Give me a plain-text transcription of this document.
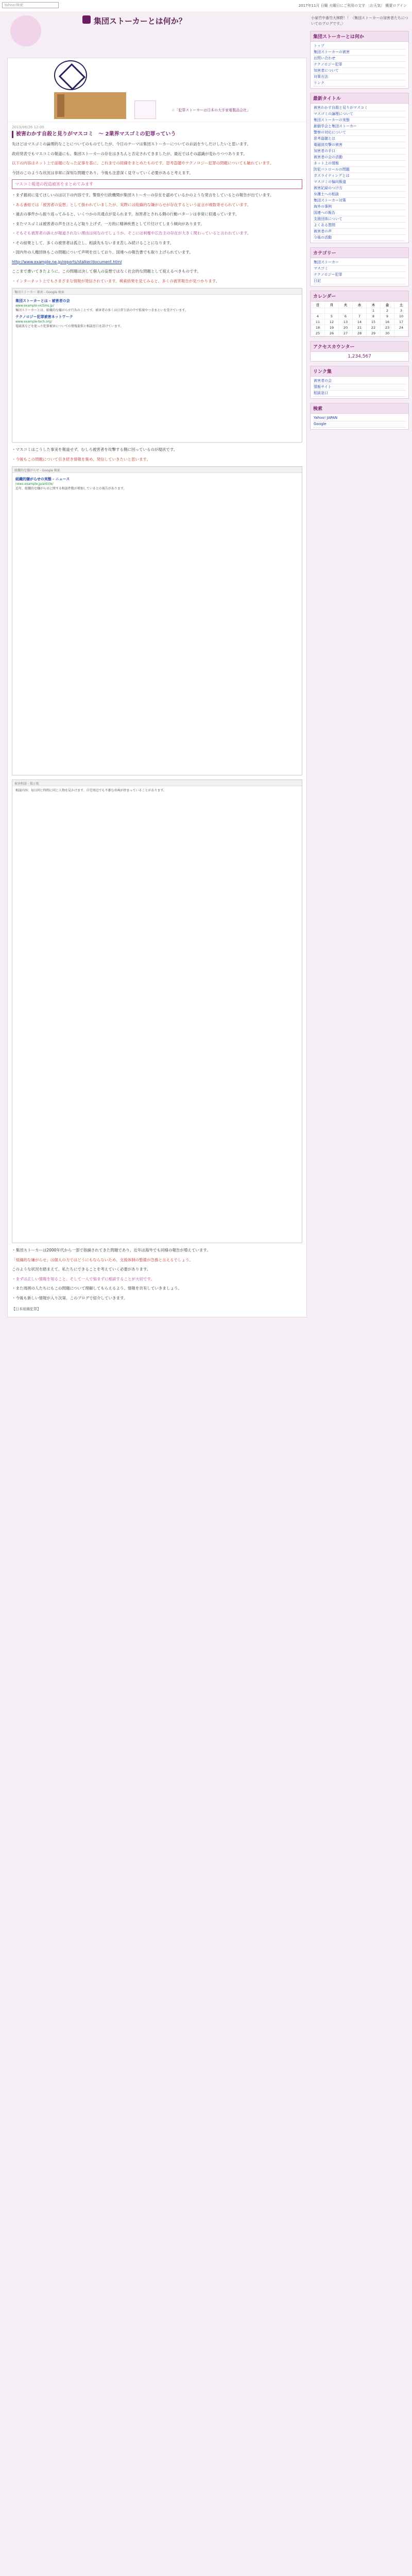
Yahoo!検索	2017年11月 日曜 火曜日にご利用の文字 〔お天気〕 概要ログイン
集団ストーカーとは何か？	小泉竹中番竹大林野！！〈集団ストーカーの加害者たちについてのブログです。〉
☆「犯罪ストーカーは日本の大手家電製品会社」
2013/08/26 12:00
被害わかす自殺と見りがマスコミ　～ 2業界マスゴミの犯罪っていう

先ほどはマスゴミの論理的なことについてのものでしたが、今日のテーマは集団ストーカーについてのお話を少しだけしたいと思います。

政府発表でもマスコミの報道にも、集団ストーカーの存在はきちんと否定されてきましたが、最近ではその認識が変わりつつあります。

以下の内容はネット上で話題になった記事を基に、これまでの経緯をまとめたものです。思考盗聴やテクノロジー犯罪の問題についても触れています。

今回のこのような状況は非常に深刻な問題であり、今後も注意深く見守っていく必要があると考えます。

マスコミ報道の捏造被害をまとめてみます

・まず最初に見てほしいのは以下の内容です。警察や行政機関が集団ストーカーの存在を認めているかのような発言をしているとの報告が出ています。

・ある番組では「被害者の妄想」として扱われていましたが、実際には組織的な嫌がらせが存在するという証言が複数寄せられています。

・過去の事件から振り返ってみると、いくつかの共通点が見られます。加害者とされる側の行動パターンは非常に似通っています。

・またマスゴミは被害者の声をほとんど取り上げず、一方的に精神疾患として片付けてしまう傾向があります。

・そもそも被害者の訴えが報道されない理由は何なのでしょうか。そこには利権や広告主の存在が大きく関わっていると言われています。

・その結果として、多くの被害者は孤立し、相談先もないまま苦しみ続けることになります。

・国内外の人権団体もこの問題について声明を出しており、国連への報告書でも取り上げられています。

http://www.example.ne.jp/reports/stalker/document.html

ここまで書いてきたように、この問題は決して個人の妄想ではなく社会的な問題として捉えるべきものです。

・インターネット上でもさまざまな情報が発信されています。検索結果を見てみると、多くの被害報告が見つかります。

集団ストーカー 被害 - Google 検索
集団ストーカーとは - 被害者の会
www.example-victims.jp/
集団ストーカーとは、組織的な嫌がらせ行為のことです。被害者の多くは日常生活の中で監視やつきまといを受けています。
テクノロジー犯罪被害ネットワーク
www.example-tech.org/
電磁波などを使った犯罪被害についての情報提供と相談窓口を設けています。

・マスコミはこうした事実を報道せず、むしろ被害者を攻撃する側に回っているのが現状です。

・今後もこの問題について引き続き情報を集め、発信していきたいと思います。

組織的な嫌がらせ - Google 検索
組織的嫌がらせの実態 - ニュース
news.example.jp/article/
近年、組織的な嫌がらせに関する相談件数が増加しているとの報告があります。
被害相談 - 掲示板
相談内容：毎日同じ時間に同じ人物を見かけます。自宅周辺でも不審な車両が停まっていることがあります。

・集団ストーカーは2000年代から一部で指摘されてきた問題であり、近年は海外でも同様の報告が増えています。

「組織的な嫌がらせ」は個人の力ではどうにもならないため、支援体制の整備が急務と言えるでしょう。

このような状況を踏まえて、私たちにできることを考えていく必要があります。

・まずは正しい情報を知ること、そして一人で悩まずに相談することが大切です。

・また周囲の人たちにもこの問題について理解してもらえるよう、情報を共有していきましょう。

・今後も新しい情報が入り次第、このブログで紹介していきます。

【日本組織犯罪】
集団ストーカーとは何か
トップ
集団ストーカーの被害
お問い合わせ
テクノロジー犯罪
加害者について
対策方法
リンク
最新タイトル
被害わかす自殺と見りがマスコミ
マスゴミの論理について
集団ストーカーの実態
創価学会と集団ストーカー
警察の対応について
思考盗聴とは
電磁波攻撃の被害
加害者の手口
被害者の会の活動
ネット上の情報
防犯パトロールの問題
ガスライティングとは
マスゴミの偏向報道
被害記録のつけ方
弁護士への相談
集団ストーカー対策
海外の事例
国連への報告
支援団体について
よくある質問
被害者の声
今後の活動
カテゴリー
集団ストーカー
マスゴミ
テクノロジー犯罪
日記
カレンダー
日	月	火	水	木	金	土
				1	2	3
4	5	6	7	8	9	10
11	12	13	14	15	16	17
18	19	20	21	22	23	24
25	26	27	28	29	30	
アクセスカウンター
1,234,567
リンク集
被害者の会
情報サイト
相談窓口
検索
Yahoo! JAPAN
Google
